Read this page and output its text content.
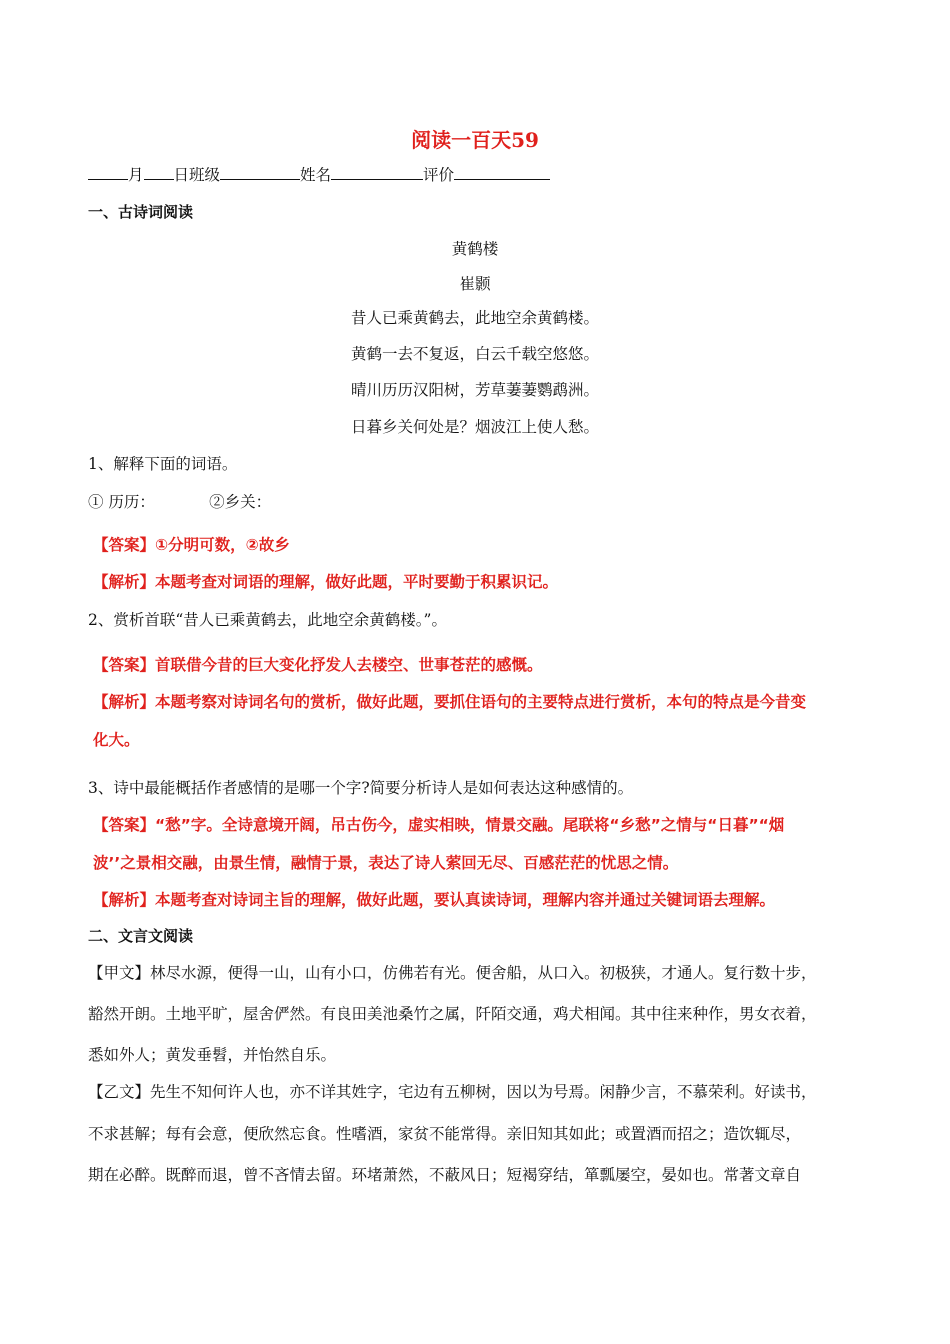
阅读一百天59
月 日班级	姓名	评价
一、古诗词阅读
黄鹤楼
崔颢
昔人已乘黄鹤去，此地空余黄鹤楼。
黄鹤一去不复返，白云千载空悠悠。
晴川历历汉阳树，芳草萋萋鹦鹉洲。
日暮乡关何处是？烟波江上使人愁。
1、解释下面的词语。
① 历历：           ②乡关：
【答案】①分明可数，②故乡
【解析】本题考查对词语的理解，做好此题，平时要勤于积累识记。
2、赏析首联“昔人已乘黄鹤去，此地空余黄鹤楼。”。
【答案】首联借今昔的巨大变化抒发人去楼空、世事苍茫的感慨。
【解析】本题考察对诗词名句的赏析，做好此题，要抓住语句的主要特点进行赏析，本句的特点是今昔变
化大。
3、诗中最能概括作者感情的是哪一个字?简要分析诗人是如何表达这种感情的。
【答案】“愁”字。全诗意境开阔，吊古伤今，虚实相映，情景交融。尾联将“乡愁”之情与“日暮”“烟
波’’之景相交融，由景生情，融情于景，表达了诗人萦回无尽、百感茫茫的忧思之情。
【解析】本题考查对诗词主旨的理解，做好此题，要认真读诗词，理解内容并通过关键词语去理解。
二、文言文阅读
【甲文】林尽水源，便得一山，山有小口，仿佛若有光。便舍船，从口入。初极狭，才通人。复行数十步，
豁然开朗。土地平旷，屋舍俨然。有良田美池桑竹之属，阡陌交通，鸡犬相闻。其中往来种作，男女衣着，
悉如外人；黄发垂髫，并怡然自乐。
【乙文】先生不知何许人也，亦不详其姓字，宅边有五柳树，因以为号焉。闲静少言，不慕荣利。好读书，
不求甚解；每有会意，便欣然忘食。性嗜酒，家贫不能常得。亲旧知其如此；或置酒而招之；造饮辄尽，
期在必醉。既醉而退，曾不吝情去留。环堵萧然，不蔽风日；短褐穿结，箪瓢屡空，晏如也。常著文章自
